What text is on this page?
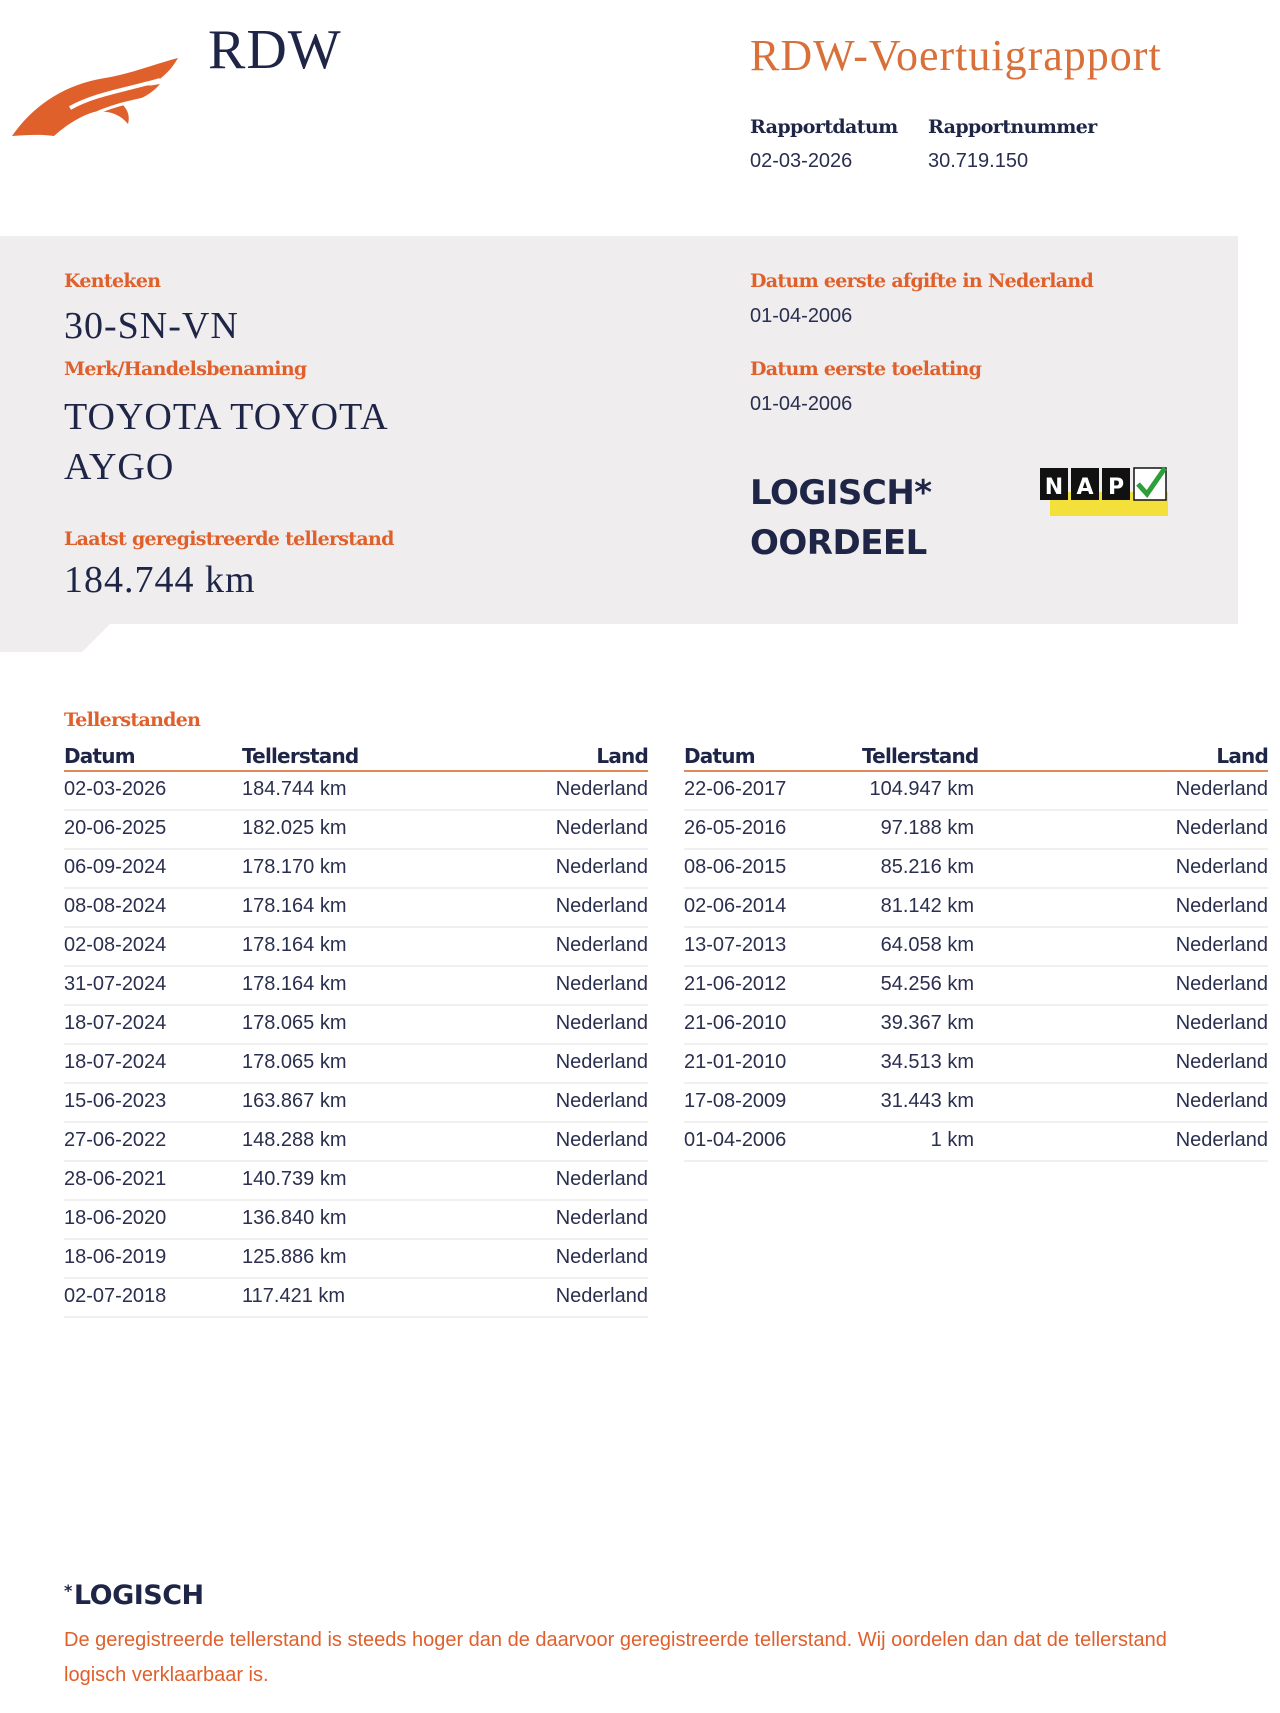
RDW	RDW-Voertuigrapport
Rapportdatum
02-03-2026
Rapportnummer
30.719.150
Kenteken
30-SN-VN
Merk/Handelsbenaming
TOYOTA TOYOTA
AYGO
Laatst geregistreerde tellerstand
184.744 km
Datum eerste afgifte in Nederland
01-04-2006
Datum eerste toelating
01-04-2006
LOGISCH*
OORDEEL
N A P
Tellerstanden
Datum	Tellerstand	Land
02-03-2026	184.744 km	Nederland
20-06-2025	182.025 km	Nederland
06-09-2024	178.170 km	Nederland
08-08-2024	178.164 km	Nederland
02-08-2024	178.164 km	Nederland
31-07-2024	178.164 km	Nederland
18-07-2024	178.065 km	Nederland
18-07-2024	178.065 km	Nederland
15-06-2023	163.867 km	Nederland
27-06-2022	148.288 km	Nederland
28-06-2021	140.739 km	Nederland
18-06-2020	136.840 km	Nederland
18-06-2019	125.886 km	Nederland
02-07-2018	117.421 km	Nederland
Datum	Tellerstand	Land
22-06-2017	104.947 km	Nederland
26-05-2016	97.188 km	Nederland
08-06-2015	85.216 km	Nederland
02-06-2014	81.142 km	Nederland
13-07-2013	64.058 km	Nederland
21-06-2012	54.256 km	Nederland
21-06-2010	39.367 km	Nederland
21-01-2010	34.513 km	Nederland
17-08-2009	31.443 km	Nederland
01-04-2006	1 km	Nederland
*LOGISCH
De geregistreerde tellerstand is steeds hoger dan de daarvoor geregistreerde tellerstand. Wij oordelen dan dat de tellerstand logisch verklaarbaar is.
